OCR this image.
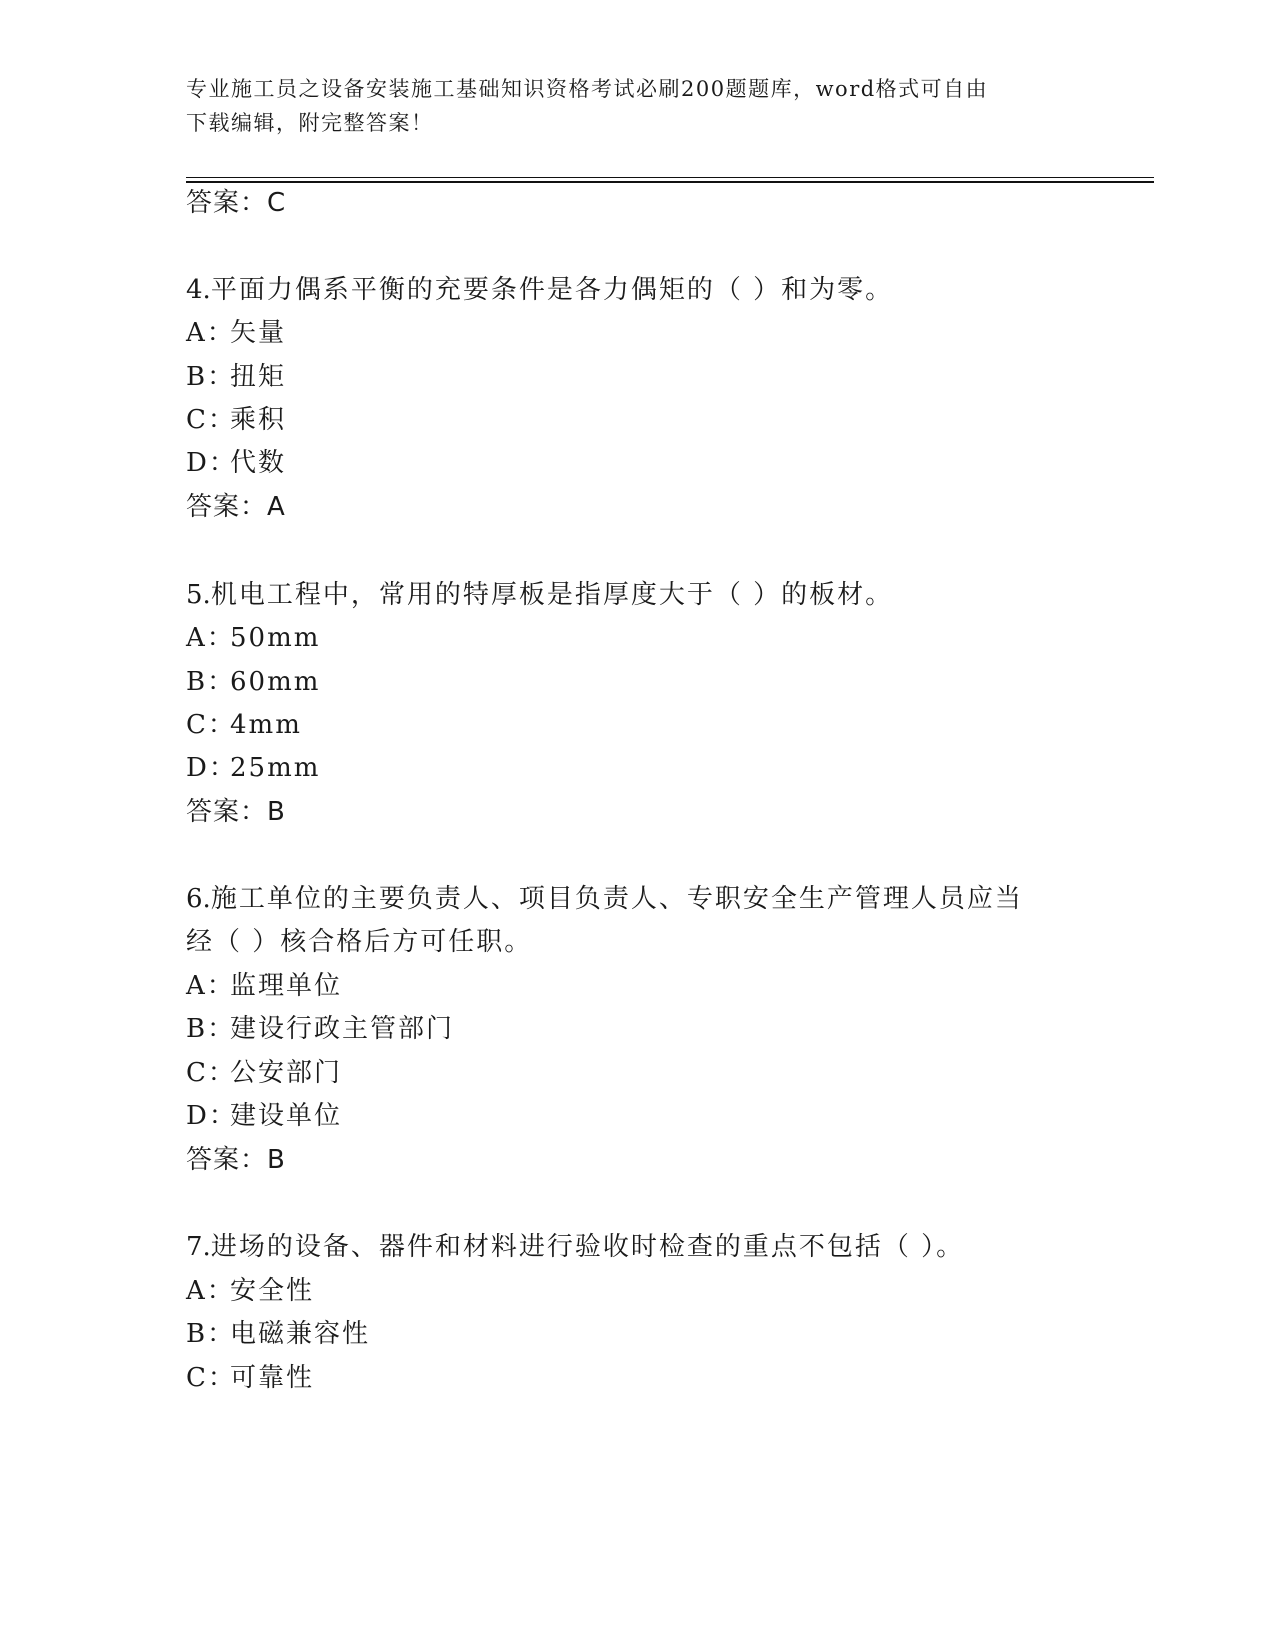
专业施工员之设备安装施工基础知识资格考试必刷200题题库，word格式可自由
下载编辑，附完整答案！
答案：C
4.平面力偶系平衡的充要条件是各力偶矩的（ ）和为零。
A：矢量
B：扭矩
C：乘积
D：代数
答案：A
5.机电工程中，常用的特厚板是指厚度大于（ ）的板材。
A：50mm
B：60mm
C：4mm
D：25mm
答案：B
6.施工单位的主要负责人、项目负责人、专职安全生产管理人员应当
经（ ）核合格后方可任职。
A：监理单位
B：建设行政主管部门
C：公安部门
D：建设单位
答案：B
7.进场的设备、器件和材料进行验收时检查的重点不包括（ ）。
A：安全性
B：电磁兼容性
C：可靠性
